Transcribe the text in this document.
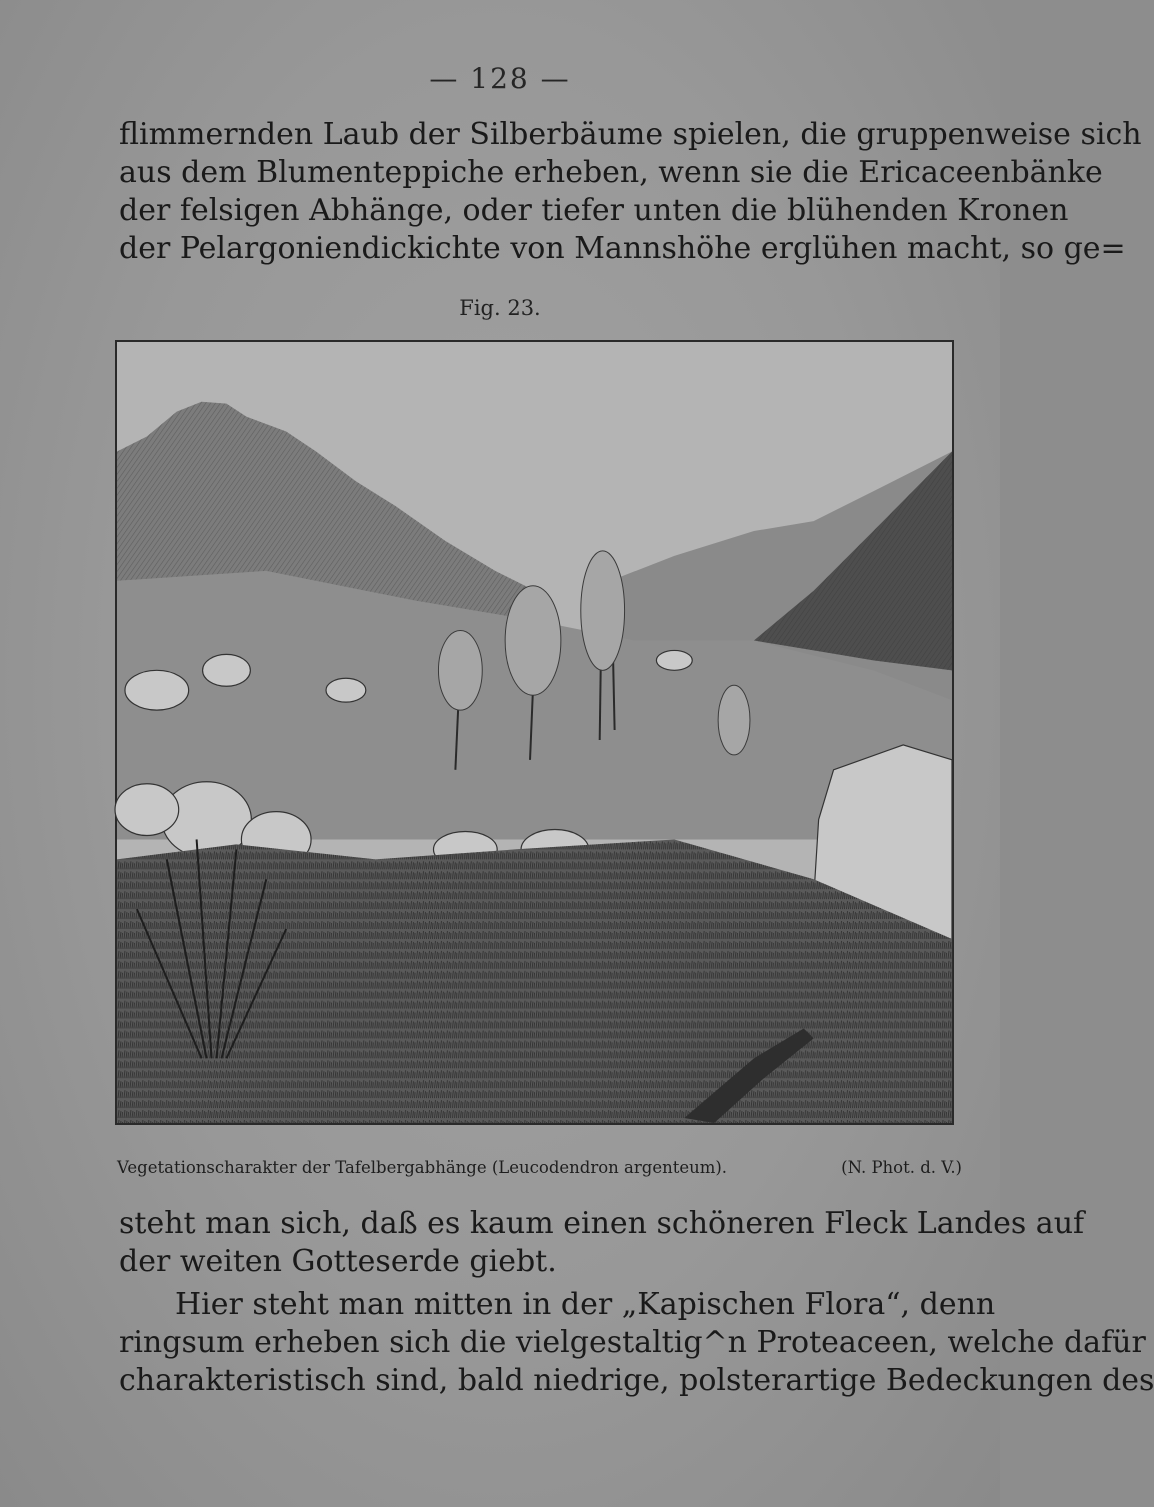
— 128 —
flimmernden Laub der Silberbäume spielen, die gruppenweise sich
aus dem Blumenteppiche erheben, wenn sie die Ericaceenbänke
der felsigen Abhänge, oder tiefer unten die blühenden Kronen
der Pelargoniendickichte von Mannshöhe erglühen macht, so ge=
Fig. 23.
Vegetationscharakter der Tafelbergabhänge (Leucodendron argenteum).	(N. Phot. d. V.)
steht man sich, daß es kaum einen schöneren Fleck Landes auf
der weiten Gotteserde giebt.
Hier steht man mitten in der „Kapischen Flora“, denn
ringsum erheben sich die vielgestaltig^n Proteaceen, welche dafür
charakteristisch sind, bald niedrige, polsterartige Bedeckungen des
